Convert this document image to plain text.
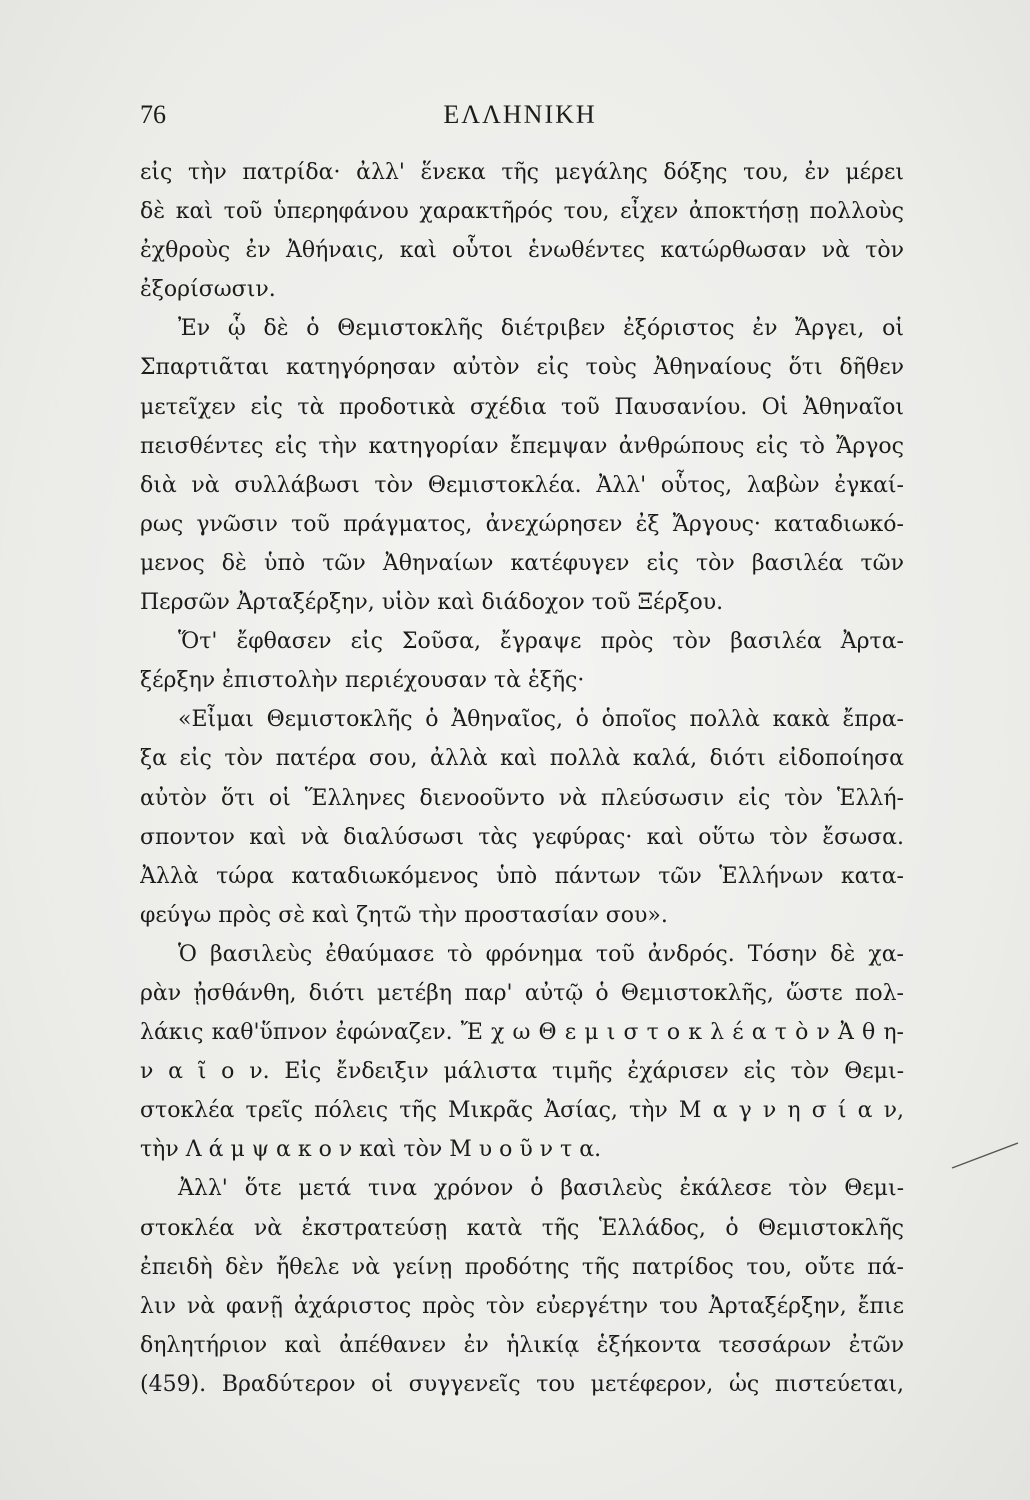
76	ΕΛΛΗΝΙΚΗ
εἰς τὴν πατρίδα· ἀλλ' ἕνεκα τῆς μεγάλης δόξης του, ἐν μέρει
δὲ καὶ τοῦ ὑπερηφάνου χαρακτῆρός του, εἶχεν ἀποκτήσῃ πολλοὺς
ἐχθροὺς ἐν Ἀθήναις, καὶ οὗτοι ἑνωθέντες κατώρθωσαν νὰ τὸν
ἐξορίσωσιν.
Ἐν ᾧ δὲ ὁ Θεμιστοκλῆς διέτριβεν ἐξόριστος ἐν Ἄργει, οἱ
Σπαρτιᾶται κατηγόρησαν αὐτὸν εἰς τοὺς Ἀθηναίους ὅτι δῆθεν
μετεῖχεν εἰς τὰ προδοτικὰ σχέδια τοῦ Παυσανίου. Οἱ Ἀθηναῖοι
πεισθέντες εἰς τὴν κατηγορίαν ἔπεμψαν ἀνθρώπους εἰς τὸ Ἄργος
διὰ νὰ συλλάβωσι τὸν Θεμιστοκλέα. Ἀλλ' οὗτος, λαβὼν ἐγκαί-
ρως γνῶσιν τοῦ πράγματος, ἀνεχώρησεν ἐξ Ἄργους· καταδιωκό-
μενος δὲ ὑπὸ τῶν Ἀθηναίων κατέφυγεν εἰς τὸν βασιλέα τῶν
Περσῶν Ἀρταξέρξην, υἱὸν καὶ διάδοχον τοῦ Ξέρξου.
Ὅτ' ἔφθασεν εἰς Σοῦσα, ἔγραψε πρὸς τὸν βασιλέα Ἀρτα-
ξέρξην ἐπιστολὴν περιέχουσαν τὰ ἑξῆς·
«Εἶμαι Θεμιστοκλῆς ὁ Ἀθηναῖος, ὁ ὁποῖος πολλὰ κακὰ ἔπρα-
ξα εἰς τὸν πατέρα σου, ἀλλὰ καὶ πολλὰ καλά, διότι εἰδοποίησα
αὐτὸν ὅτι οἱ Ἕλληνες διενοοῦντο νὰ πλεύσωσιν εἰς τὸν Ἑλλή-
σποντον καὶ νὰ διαλύσωσι τὰς γεφύρας· καὶ οὕτω τὸν ἔσωσα.
Ἀλλὰ τώρα καταδιωκόμενος ὑπὸ πάντων τῶν Ἑλλήνων κατα-
φεύγω πρὸς σὲ καὶ ζητῶ τὴν προστασίαν σου».
Ὁ βασιλεὺς ἐθαύμασε τὸ φρόνημα τοῦ ἀνδρός. Τόσην δὲ χα-
ρὰν ᾐσθάνθη, διότι μετέβη παρ' αὐτῷ ὁ Θεμιστοκλῆς, ὥστε πολ-
λάκις καθ'ὕπνον ἐφώναζεν. Ἔ χ ω Θ ε μ ι σ τ ο κ λ έ α τ ὸ ν Ἀ θ η-
ν α ῖ ο ν. Εἰς ἔνδειξιν μάλιστα τιμῆς ἐχάρισεν εἰς τὸν Θεμι-
στοκλέα τρεῖς πόλεις τῆς Μικρᾶς Ἀσίας, τὴν Μ α γ ν η σ ί α ν,
τὴν Λ ά μ ψ α κ ο ν καὶ τὸν Μ υ ο ῦ ν τ α.
Ἀλλ' ὅτε μετά τινα χρόνον ὁ βασιλεὺς ἐκάλεσε τὸν Θεμι-
στοκλέα νὰ ἐκστρατεύσῃ κατὰ τῆς Ἑλλάδος, ὁ Θεμιστοκλῆς
ἐπειδὴ δὲν ἤθελε νὰ γείνῃ προδότης τῆς πατρίδος του, οὔτε πά-
λιν νὰ φανῇ ἀχάριστος πρὸς τὸν εὐεργέτην του Ἀρταξέρξην, ἔπιε
δηλητήριον καὶ ἀπέθανεν ἐν ἡλικίᾳ ἑξήκοντα τεσσάρων ἐτῶν
(459). Βραδύτερον οἱ συγγενεῖς του μετέφερον, ὡς πιστεύεται,
